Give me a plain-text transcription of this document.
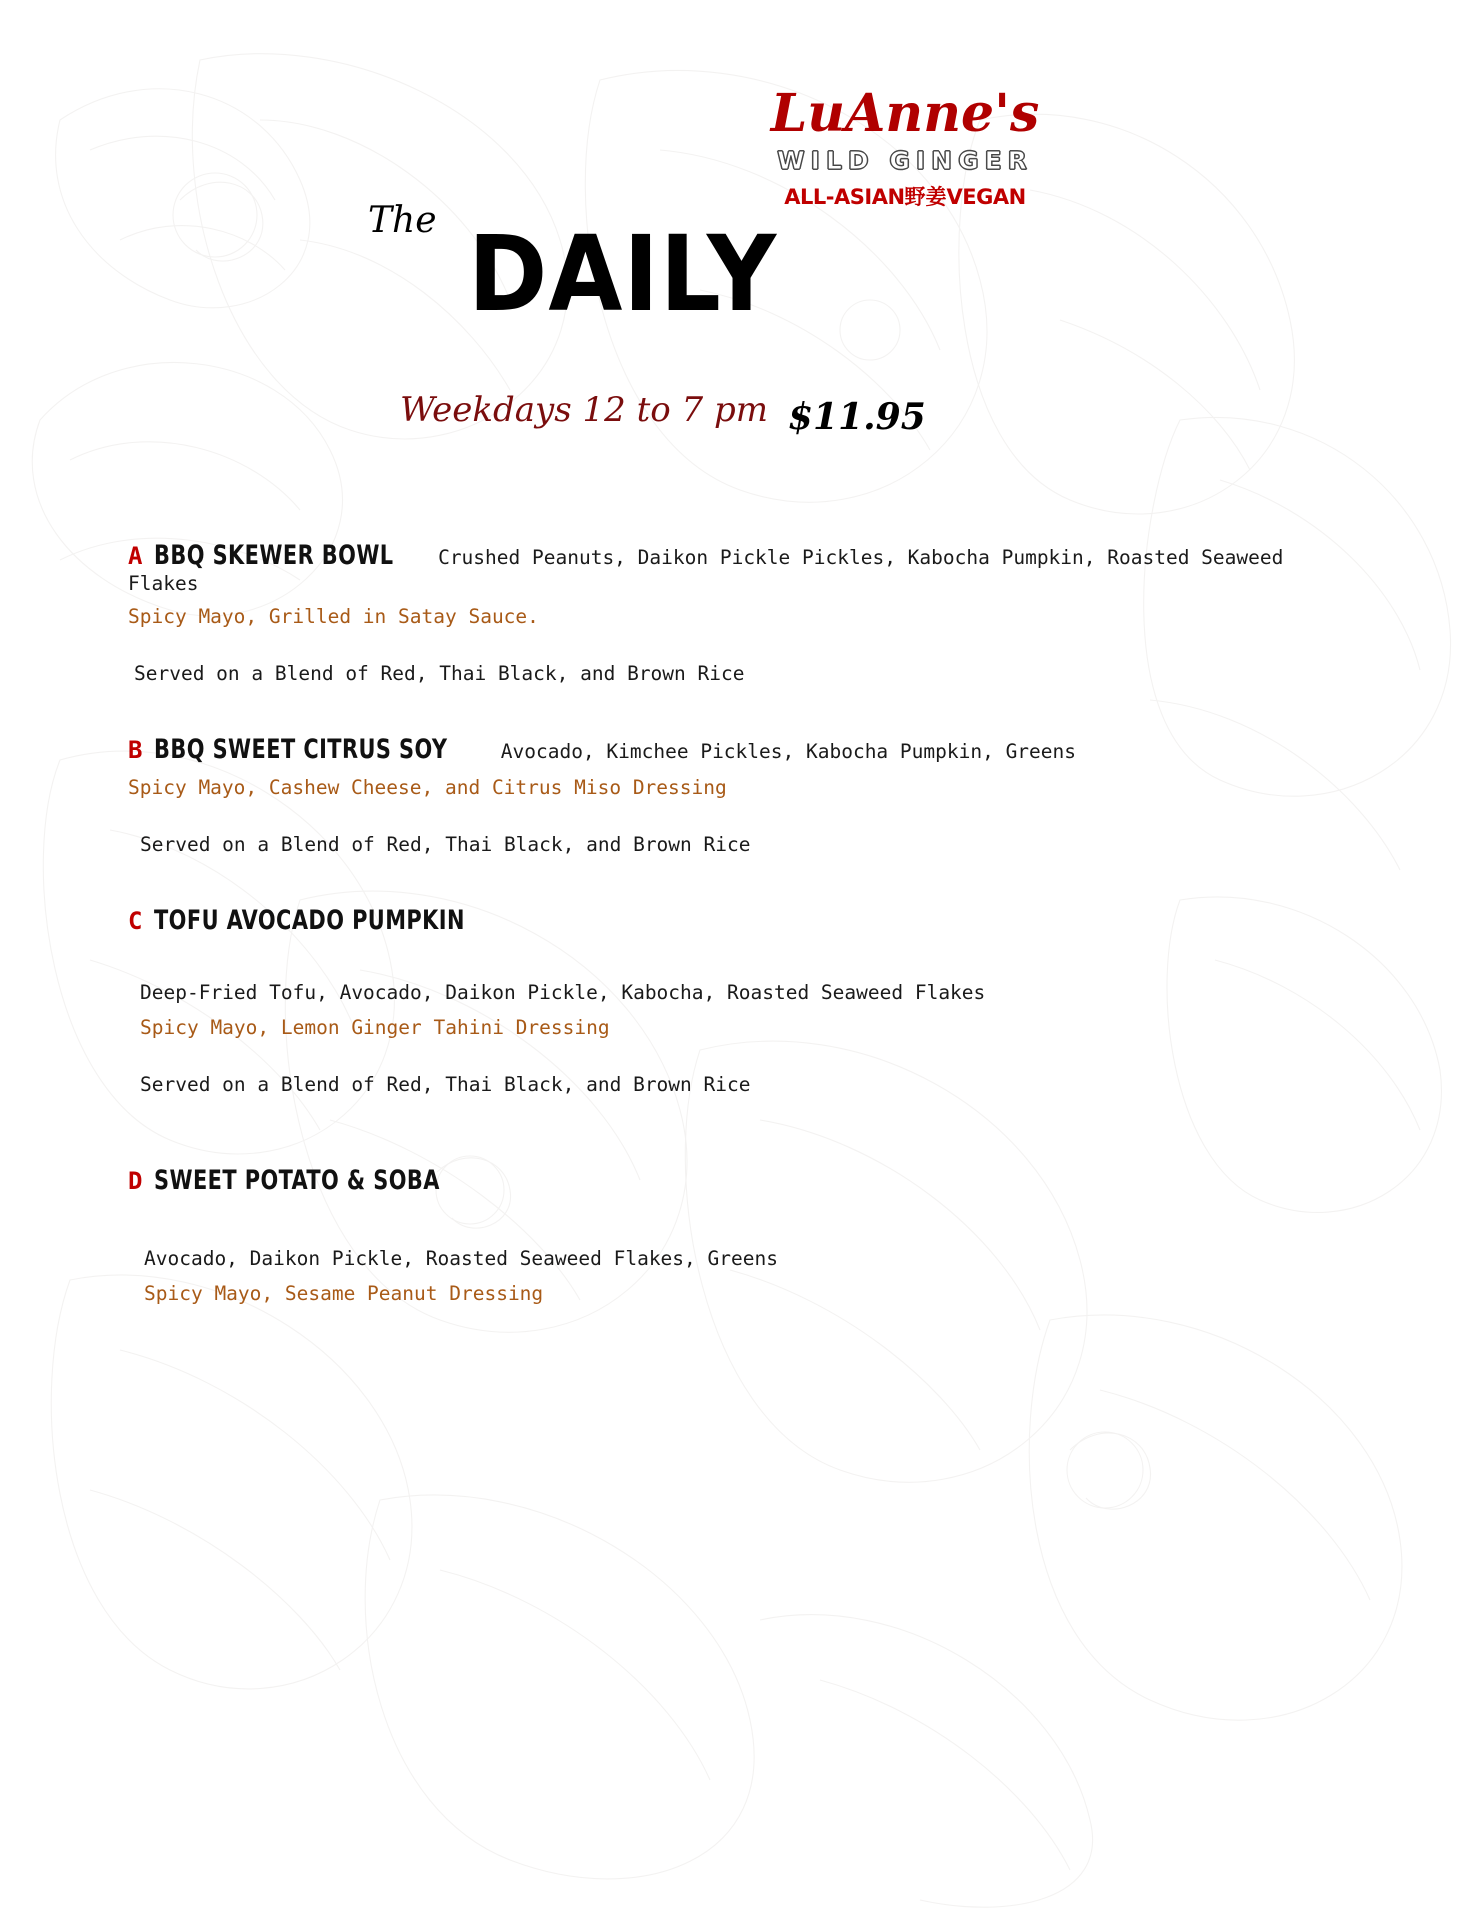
LuAnne's
WILD GINGER
ALL-ASIAN野姜VEGAN
The DAILY
Weekdays 12 to 7 pm $11.95
A BBQ SKEWER BOWL Crushed Peanuts, Daikon Pickle Pickles, Kabocha Pumpkin, Roasted Seaweed Flakes
Spicy Mayo, Grilled in Satay Sauce.
Served on a Blend of Red, Thai Black, and Brown Rice
B BBQ SWEET CITRUS SOY	Avocado, Kimchee Pickles, Kabocha Pumpkin, Greens
Spicy Mayo, Cashew Cheese, and Citrus Miso Dressing
Served on a Blend of Red, Thai Black, and Brown Rice
C TOFU AVOCADO PUMPKIN
Deep-Fried Tofu, Avocado, Daikon Pickle, Kabocha, Roasted Seaweed Flakes
Spicy Mayo, Lemon Ginger Tahini Dressing
Served on a Blend of Red, Thai Black, and Brown Rice
D SWEET POTATO & SOBA
Avocado, Daikon Pickle, Roasted Seaweed Flakes, Greens
Spicy Mayo, Sesame Peanut Dressing
